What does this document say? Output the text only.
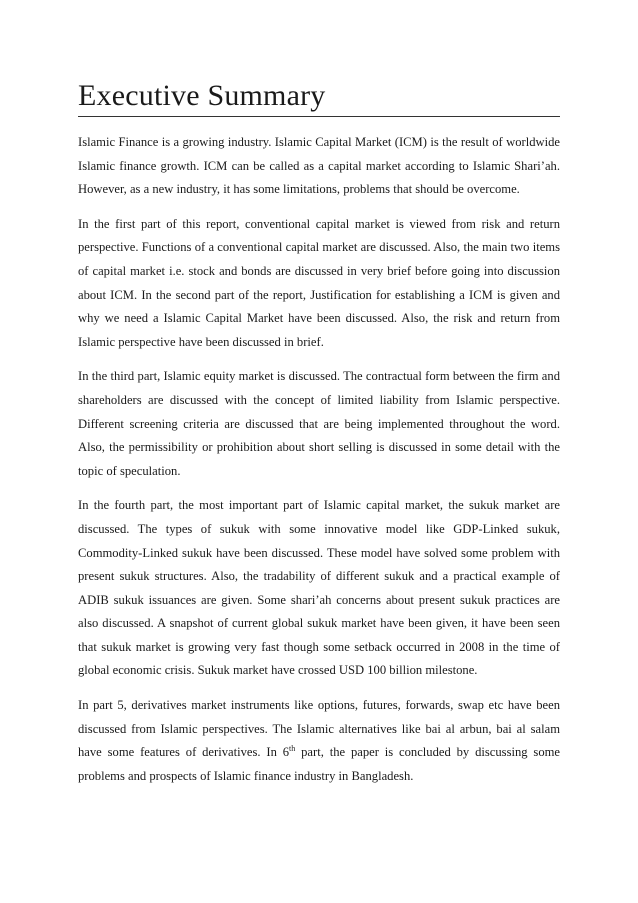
Executive Summary

Islamic Finance is a growing industry. Islamic Capital Market (ICM) is the result of worldwide Islamic finance growth. ICM can be called as a capital market according to Islamic Shari’ah. However, as a new industry, it has some limitations, problems that should be overcome.

In the first part of this report, conventional capital market is viewed from risk and return perspective. Functions of a conventional capital market are discussed. Also, the main two items of capital market i.e. stock and bonds are discussed in very brief before going into discussion about ICM. In the second part of the report, Justification for establishing a ICM is given and why we need a Islamic Capital Market have been discussed. Also, the risk and return from Islamic perspective have been discussed in brief.

In the third part, Islamic equity market is discussed. The contractual form between the firm and shareholders are discussed with the concept of limited liability from Islamic perspective. Different screening criteria are discussed that are being implemented throughout the word. Also, the permissibility or prohibition about short selling is discussed in some detail with the topic of speculation.

In the fourth part, the most important part of Islamic capital market, the sukuk market are discussed. The types of sukuk with some innovative model like GDP-Linked sukuk, Commodity-Linked sukuk have been discussed. These model have solved some problem with present sukuk structures. Also, the tradability of different sukuk and a practical example of ADIB sukuk issuances are given. Some shari’ah concerns about present sukuk practices are also discussed. A snapshot of current global sukuk market have been given, it have been seen that sukuk market is growing very fast though some setback occurred in 2008 in the time of global economic crisis. Sukuk market have crossed USD 100 billion milestone.

In part 5, derivatives market instruments like options, futures, forwards, swap etc have been discussed from Islamic perspectives. The Islamic alternatives like bai al arbun, bai al salam have some features of derivatives. In 6th part, the paper is concluded by discussing some problems and prospects of Islamic finance industry in Bangladesh.
